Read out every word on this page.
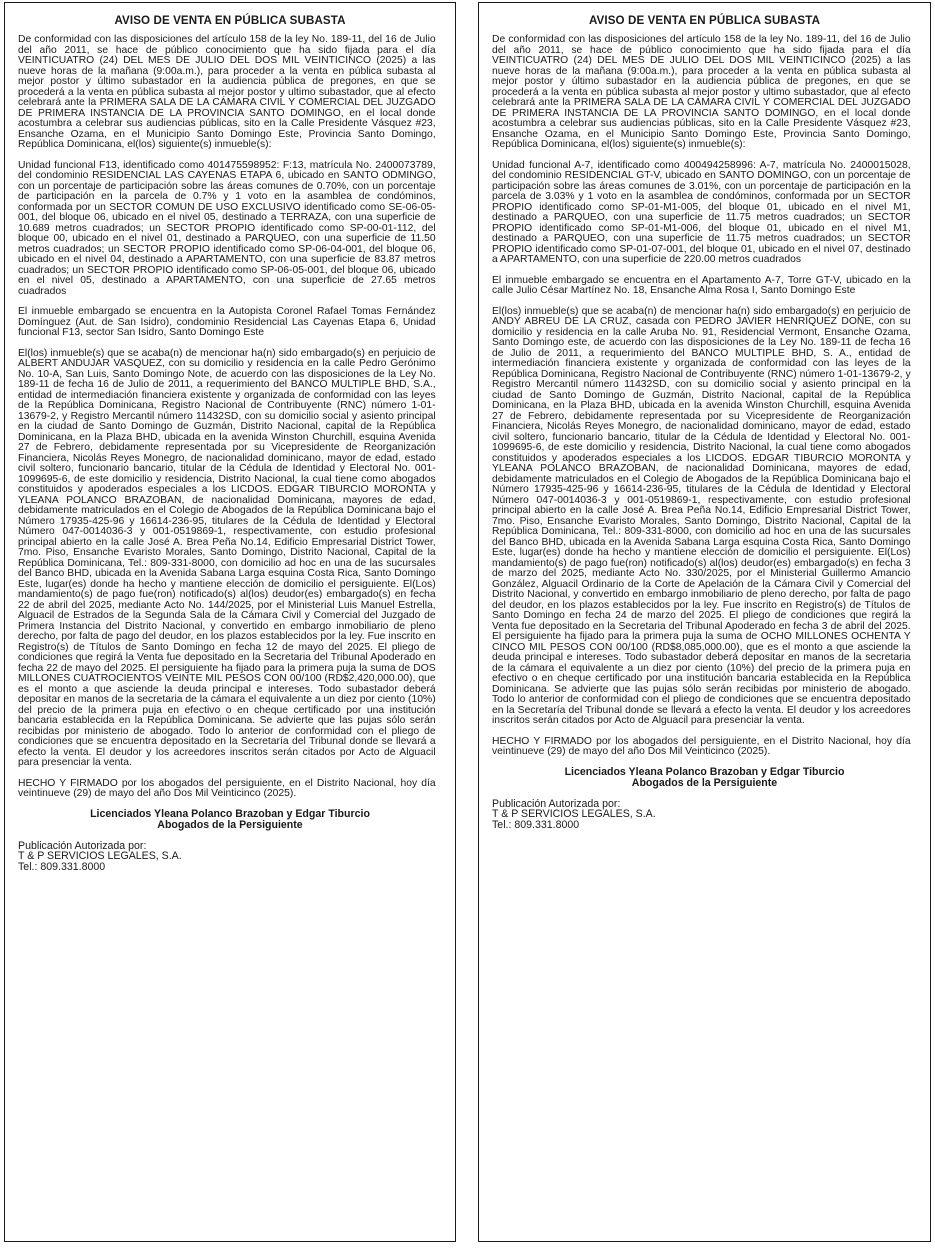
AVISO DE VENTA EN PÚBLICA SUBASTA

De conformidad con las disposiciones del artículo 158 de la ley No. 189-11, del 16 de Julio del año 2011, se hace de público conocimiento que ha sido fijada para el día VEINTICUATRO (24) DEL MES DE JULIO DEL DOS MIL VEINTICINCO (2025) a las nueve horas de la mañana (9:00a.m.), para proceder a la venta en pública subasta al mejor postor y último subastador en la audiencia pública de pregones, en que se procederá a la venta en pública subasta al mejor postor y ultimo subastador, que al efecto celebrará ante la PRIMERA SALA DE LA CÁMARA CIVIL Y COMERCIAL DEL JUZGADO DE PRIMERA INSTANCIA DE LA PROVINCIA SANTO DOMINGO, en el local donde acostumbra a celebrar sus audiencias públicas, sito en la Calle Presidente Vásquez #23, Ensanche Ozama, en el Municipio Santo Domingo Este, Provincia Santo Domingo, República Dominicana, el(los) siguiente(s) inmueble(s):

Unidad funcional F13, identificado como 401475598952: F:13, matrícula No. 2400073789, del condominio RESIDENCIAL LAS CAYENAS ETAPA 6, ubicado en SANTO ODMINGO, con un porcentaje de participación sobre las áreas comunes de 0.70%, con un porcentaje de participación en la parcela de 0.7% y 1 voto en la asamblea de condóminos, conformada por un SECTOR COMUN DE USO EXCLUSIVO identificado como SE-06-05-001, del bloque 06, ubicado en el nivel 05, destinado a TERRAZA, con una superficie de 10.689 metros cuadrados; un SECTOR PROPIO identificado como SP-00-01-112, del bloque 00, ubicado en el nivel 01, destinado a PARQUEO, con una superficie de 11.50 metros cuadrados; un SECTOR PROPIO identificado como SP-06-04-001, del bloque 06, ubicado en el nivel 04, destinado a APARTAMENTO, con una superficie de 83.87 metros cuadrados; un SECTOR PROPIO identificado como SP-06-05-001, del bloque 06, ubicado en el nivel 05, destinado a APARTAMENTO, con una superficie de 27.65 metros cuadrados

El inmueble embargado se encuentra en la Autopista Coronel Rafael Tomas Fernández Domínguez (Aut. de San Isidro), condominio Residencial Las Cayenas Etapa 6, Unidad funcional F13, sector San Isidro, Santo Domingo Este

El(los) inmueble(s) que se acaba(n) de mencionar ha(n) sido embargado(s) en perjuicio de ALBERT ANDUJAR VASQUEZ, con su domicilio y residencia en la calle Pedro Gerónimo No. 10-A, San Luis, Santo Domingo Note, de acuerdo con las disposiciones de la Ley No. 189-11 de fecha 16 de Julio de 2011, a requerimiento del BANCO MULTIPLE BHD, S.A., entidad de intermediación financiera existente y organizada de conformidad con las leyes de la República Dominicana, Registro Nacional de Contribuyente (RNC) número 1-01-13679-2, y Registro Mercantil número 11432SD, con su domicilio social y asiento principal en la ciudad de Santo Domingo de Guzmán, Distrito Nacional, capital de la República Dominicana, en la Plaza BHD, ubicada en la avenida Winston Churchill, esquina Avenida 27 de Febrero, debidamente representada por su Vicepresidente de Reorganización Financiera, Nicolás Reyes Monegro, de nacionalidad dominicano, mayor de edad, estado civil soltero, funcionario bancario, titular de la Cédula de Identidad y Electoral No. 001-1099695-6, de este domicilio y residencia, Distrito Nacional, la cual tiene como abogados constituidos y apoderados especiales a los LICDOS. EDGAR TIBURCIO MORONTA y YLEANA POLANCO BRAZOBAN, de nacionalidad Dominicana, mayores de edad, debidamente matriculados en el Colegio de Abogados de la República Dominicana bajo el Número 17935-425-96 y 16614-236-95, titulares de la Cédula de Identidad y Electoral Número 047-0014036-3 y 001-0519869-1, respectivamente, con estudio profesional principal abierto en la calle José A. Brea Peña No.14, Edificio Empresarial District Tower, 7mo. Piso, Ensanche Evaristo Morales, Santo Domingo, Distrito Nacional, Capital de la República Dominicana, Tel.: 809-331-8000, con domicilio ad hoc en una de las sucursales del Banco BHD, ubicada en la Avenida Sabana Larga esquina Costa Rica, Santo Domingo Este, lugar(es) donde ha hecho y mantiene elección de domicilio el persiguiente. El(Los) mandamiento(s) de pago fue(ron) notificado(s) al(los) deudor(es) embargado(s) en fecha 22 de abril del 2025, mediante Acto No. 144/2025, por el Ministerial Luis Manuel Estrella, Alguacil de Estrados de la Segunda Sala de la Cámara Civil y Comercial del Juzgado de Primera Instancia del Distrito Nacional, y convertido en embargo inmobiliario de pleno derecho, por falta de pago del deudor, en los plazos establecidos por la ley. Fue inscrito en Registro(s) de Títulos de Santo Domingo en fecha 12 de mayo del 2025. El pliego de condiciones que regirá la Venta fue depositado en la Secretaria del Tribunal Apoderado en fecha 22 de mayo del 2025. El persiguiente ha fijado para la primera puja la suma de DOS MILLONES CUATROCIENTOS VEINTE MIL PESOS CON 00/100 (RD$2,420,000.00), que es el monto a que asciende la deuda principal e intereses. Todo subastador deberá depositar en manos de la secretaria de la cámara el equivalente a un diez por ciento (10%) del precio de la primera puja en efectivo o en cheque certificado por una institución bancaria establecida en la República Dominicana. Se advierte que las pujas sólo serán recibidas por ministerio de abogado. Todo lo anterior de conformidad con el pliego de condiciones que se encuentra depositado en la Secretaría del Tribunal donde se llevará a efecto la venta. El deudor y los acreedores inscritos serán citados por Acto de Alguacil para presenciar la venta.

HECHO Y FIRMADO por los abogados del persiguiente, en el Distrito Nacional, hoy día veintinueve (29) de mayo del año Dos Mil Veinticinco (2025).

Licenciados Yleana Polanco Brazoban y Edgar Tiburcio
Abogados de la Persiguiente
Publicación Autorizada por:
T & P SERVICIOS LEGALES, S.A.
Tel.: 809.331.8000
AVISO DE VENTA EN PÚBLICA SUBASTA

De conformidad con las disposiciones del artículo 158 de la ley No. 189-11, del 16 de Julio del año 2011, se hace de público conocimiento que ha sido fijada para el día VEINTICUATRO (24) DEL MES DE JULIO DEL DOS MIL VEINTICINCO (2025) a las nueve horas de la mañana (9:00a.m.), para proceder a la venta en pública subasta al mejor postor y último subastador en la audiencia pública de pregones, en que se procederá a la venta en pública subasta al mejor postor y ultimo subastador, que al efecto celebrará ante la PRIMERA SALA DE LA CÁMARA CIVIL Y COMERCIAL DEL JUZGADO DE PRIMERA INSTANCIA DE LA PROVINCIA SANTO DOMINGO, en el local donde acostumbra a celebrar sus audiencias públicas, sito en la Calle Presidente Vásquez #23, Ensanche Ozama, en el Municipio Santo Domingo Este, Provincia Santo Domingo, República Dominicana, el(los) siguiente(s) inmueble(s):

Unidad funcional A-7, identificado como 400494258996: A-7, matrícula No. 2400015028, del condominio RESIDENCIAL GT-V, ubicado en SANTO DOMINGO, con un porcentaje de participación sobre las áreas comunes de 3.01%, con un porcentaje de participación en la parcela de 3.03% y 1 voto en la asamblea de condóminos, conformada por un SECTOR PROPIO identificado como SP-01-M1-005, del bloque 01, ubicado en el nivel M1, destinado a PARQUEO, con una superficie de 11.75 metros cuadrados; un SECTOR PROPIO identificado como SP-01-M1-006, del bloque 01, ubicado en el nivel M1, destinado a PARQUEO, con una superficie de 11.75 metros cuadrados; un SECTOR PROPIO identificado como SP-01-07-001, del bloque 01, ubicado en el nivel 07, destinado a APARTAMENTO, con una superficie de 220.00 metros cuadrados

El inmueble embargado se encuentra en el Apartamento A-7, Torre GT-V, ubicado en la calle Julio César Martínez No. 18, Ensanche Alma Rosa I, Santo Domingo Este

El(los) inmueble(s) que se acaba(n) de mencionar ha(n) sido embargado(s) en perjuicio de ANDY ABREU DE LA CRUZ, casada con PEDRO JAVIER HENRIQUEZ DOÑE, con su domicilio y residencia en la calle Aruba No. 91, Residencial Vermont, Ensanche Ozama, Santo Domingo este, de acuerdo con las disposiciones de la Ley No. 189-11 de fecha 16 de Julio de 2011, a requerimiento del BANCO MULTIPLE BHD, S. A., entidad de intermediación financiera existente y organizada de conformidad con las leyes de la República Dominicana, Registro Nacional de Contribuyente (RNC) número 1-01-13679-2, y Registro Mercantil número 11432SD, con su domicilio social y asiento principal en la ciudad de Santo Domingo de Guzmán, Distrito Nacional, capital de la República Dominicana, en la Plaza BHD, ubicada en la avenida Winston Churchill, esquina Avenida 27 de Febrero, debidamente representada por su Vicepresidente de Reorganización Financiera, Nicolás Reyes Monegro, de nacionalidad dominicano, mayor de edad, estado civil soltero, funcionario bancario, titular de la Cédula de Identidad y Electoral No. 001-1099695-6, de este domicilio y residencia, Distrito Nacional, la cual tiene como abogados constituidos y apoderados especiales a los LICDOS. EDGAR TIBURCIO MORONTA y YLEANA POLANCO BRAZOBAN, de nacionalidad Dominicana, mayores de edad, debidamente matriculados en el Colegio de Abogados de la República Dominicana bajo el Número 17935-425-96 y 16614-236-95, titulares de la Cédula de Identidad y Electoral Número 047-0014036-3 y 001-0519869-1, respectivamente, con estudio profesional principal abierto en la calle José A. Brea Peña No.14, Edificio Empresarial District Tower, 7mo. Piso, Ensanche Evaristo Morales, Santo Domingo, Distrito Nacional, Capital de la República Dominicana, Tel.: 809-331-8000, con domicilio ad hoc en una de las sucursales del Banco BHD, ubicada en la Avenida Sabana Larga esquina Costa Rica, Santo Domingo Este, lugar(es) donde ha hecho y mantiene elección de domicilio el persiguiente. El(Los) mandamiento(s) de pago fue(ron) notificado(s) al(los) deudor(es) embargado(s) en fecha 3 de marzo del 2025, mediante Acto No. 330/2025, por el Ministerial Guillermo Amancio González, Alguacil Ordinario de la Corte de Apelación de la Cámara Civil y Comercial del Distrito Nacional, y convertido en embargo inmobiliario de pleno derecho, por falta de pago del deudor, en los plazos establecidos por la ley. Fue inscrito en Registro(s) de Títulos de Santo Domingo en fecha 24 de marzo del 2025. El pliego de condiciones que regirá la Venta fue depositado en la Secretaria del Tribunal Apoderado en fecha 3 de abril del 2025. El persiguiente ha fijado para la primera puja la suma de OCHO MILLONES OCHENTA Y CINCO MIL PESOS CON 00/100 (RD$8,085,000.00), que es el monto a que asciende la deuda principal e intereses. Todo subastador deberá depositar en manos de la secretaria de la cámara el equivalente a un diez por ciento (10%) del precio de la primera puja en efectivo o en cheque certificado por una institución bancaria establecida en la República Dominicana. Se advierte que las pujas sólo serán recibidas por ministerio de abogado. Todo lo anterior de conformidad con el pliego de condiciones que se encuentra depositado en la Secretaría del Tribunal donde se llevará a efecto la venta. El deudor y los acreedores inscritos serán citados por Acto de Alguacil para presenciar la venta.

HECHO Y FIRMADO por los abogados del persiguiente, en el Distrito Nacional, hoy día veintinueve (29) de mayo del año Dos Mil Veinticinco (2025).

Licenciados Yleana Polanco Brazoban y Edgar Tiburcio
Abogados de la Persiguiente
Publicación Autorizada por:
T & P SERVICIOS LEGALES, S.A.
Tel.: 809.331.8000
